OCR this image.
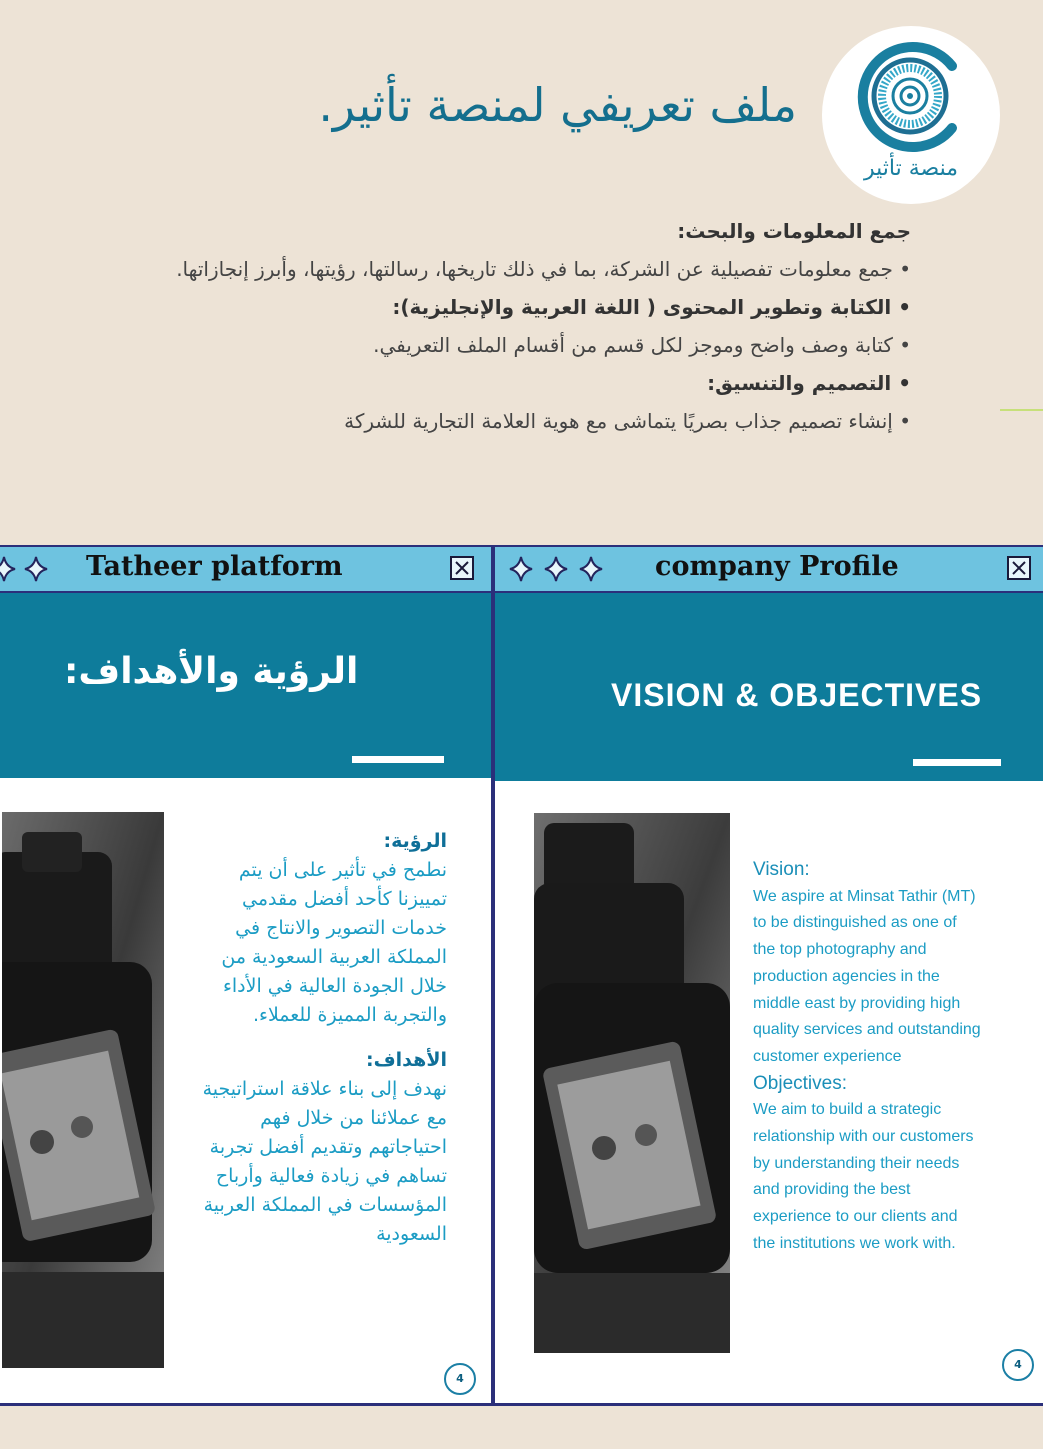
منصة تأثير
ملف تعريفي لمنصة تأثير.
جمع المعلومات والبحث:
• جمع معلومات تفصيلية عن الشركة، بما في ذلك تاريخها، رسالتها، رؤيتها، وأبرز إنجازاتها.
• الكتابة وتطوير المحتوى ( اللغة العربية والإنجليزية):
• كتابة وصف واضح وموجز لكل قسم من أقسام الملف التعريفي.
• التصميم والتنسيق:
• إنشاء تصميم جذاب بصريًا يتماشى مع هوية العلامة التجارية للشركة
Tatheer platform
الرؤية والأهداف:
الرؤية:
نطمح في تأثير على أن يتم
تمييزنا كأحد أفضل مقدمي
خدمات التصوير والانتاج في
المملكة العربية السعودية من
خلال الجودة العالية في الأداء
والتجربة المميزة للعملاء.
الأهداف:
نهدف إلى بناء علاقة استراتيجية
مع عملائنا من خلال فهم
احتياجاتهم وتقديم أفضل تجربة
تساهم في زيادة فعالية وأرباح
المؤسسات في المملكة العربية
السعودية
4
company Profile
VISION & OBJECTIVES
Vision:
We aspire at Minsat Tathir (MT)
to be distinguished as one of
the top photography and
production agencies in the
middle east by providing high
quality services and outstanding
customer experience
Objectives:
We aim to build a strategic
relationship with our customers
by understanding their needs
and providing the best
experience to our clients and
the institutions we work with.
4
